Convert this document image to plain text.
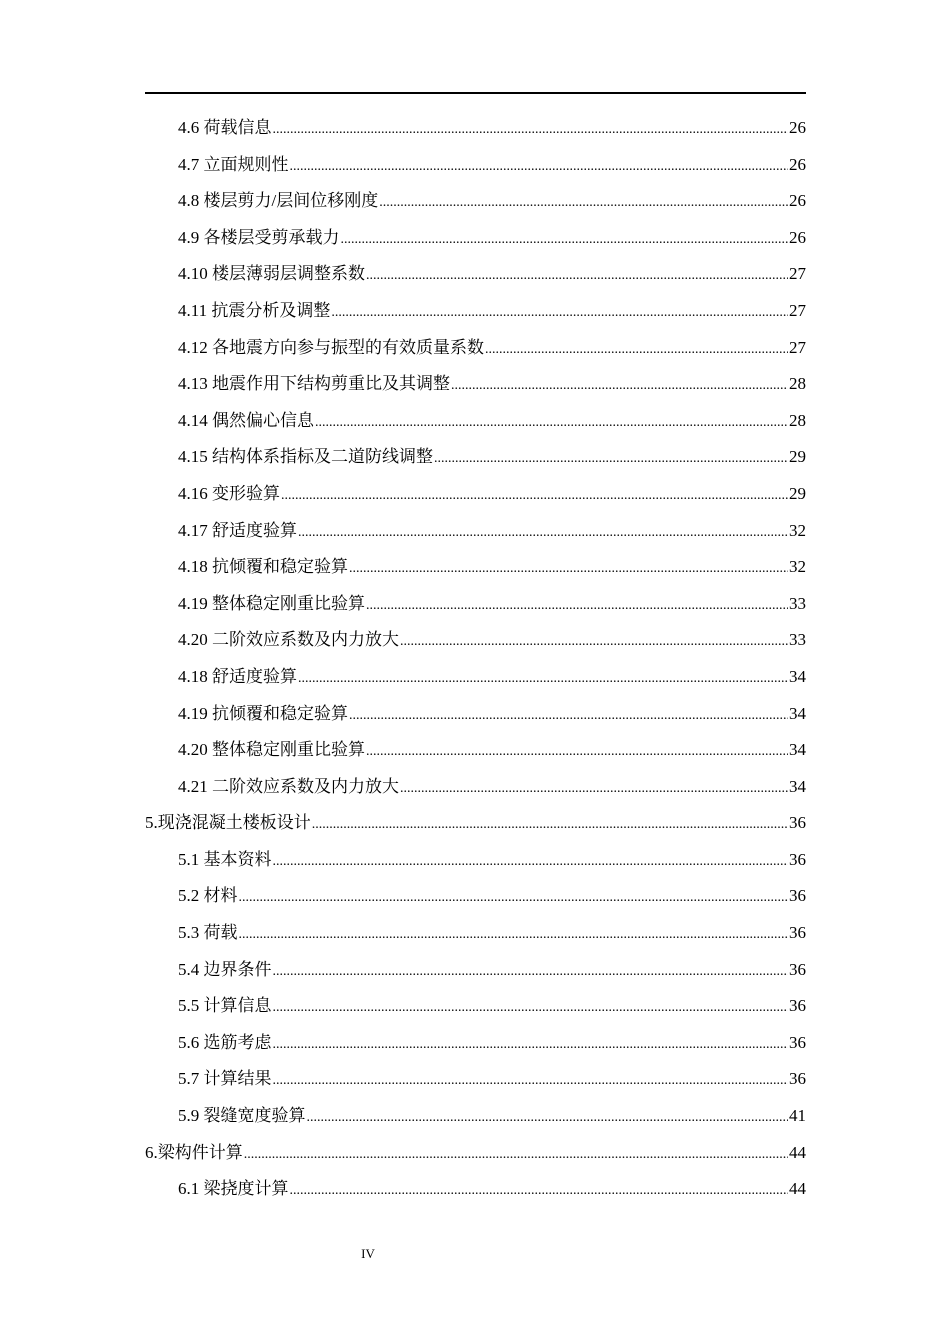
4.6 荷载信息 .....	26
4.7 立面规则性 .....	26
4.8 楼层剪力/层间位移刚度 .....	26
4.9 各楼层受剪承载力 .....	26
4.10 楼层薄弱层调整系数 .....	27
4.11 抗震分析及调整 .....	27
4.12 各地震方向参与振型的有效质量系数 .....	27
4.13 地震作用下结构剪重比及其调整 .....	28
4.14 偶然偏心信息 .....	28
4.15 结构体系指标及二道防线调整 .....	29
4.16 变形验算 .....	29
4.17 舒适度验算 .....	32
4.18 抗倾覆和稳定验算 .....	32
4.19 整体稳定刚重比验算 .....	33
4.20 二阶效应系数及内力放大 .....	33
4.18 舒适度验算 .....	34
4.19 抗倾覆和稳定验算 .....	34
4.20 整体稳定刚重比验算 .....	34
4.21 二阶效应系数及内力放大 .....	34
5.现浇混凝土楼板设计 .....	36
5.1 基本资料 .....	36
5.2 材料 .....	36
5.3 荷载 .....	36
5.4 边界条件 .....	36
5.5 计算信息 .....	36
5.6 选筋考虑 .....	36
5.7 计算结果 .....	36
5.9 裂缝宽度验算 .....	41
6.梁构件计算 .....	44
6.1 梁挠度计算 .....	44
IV
